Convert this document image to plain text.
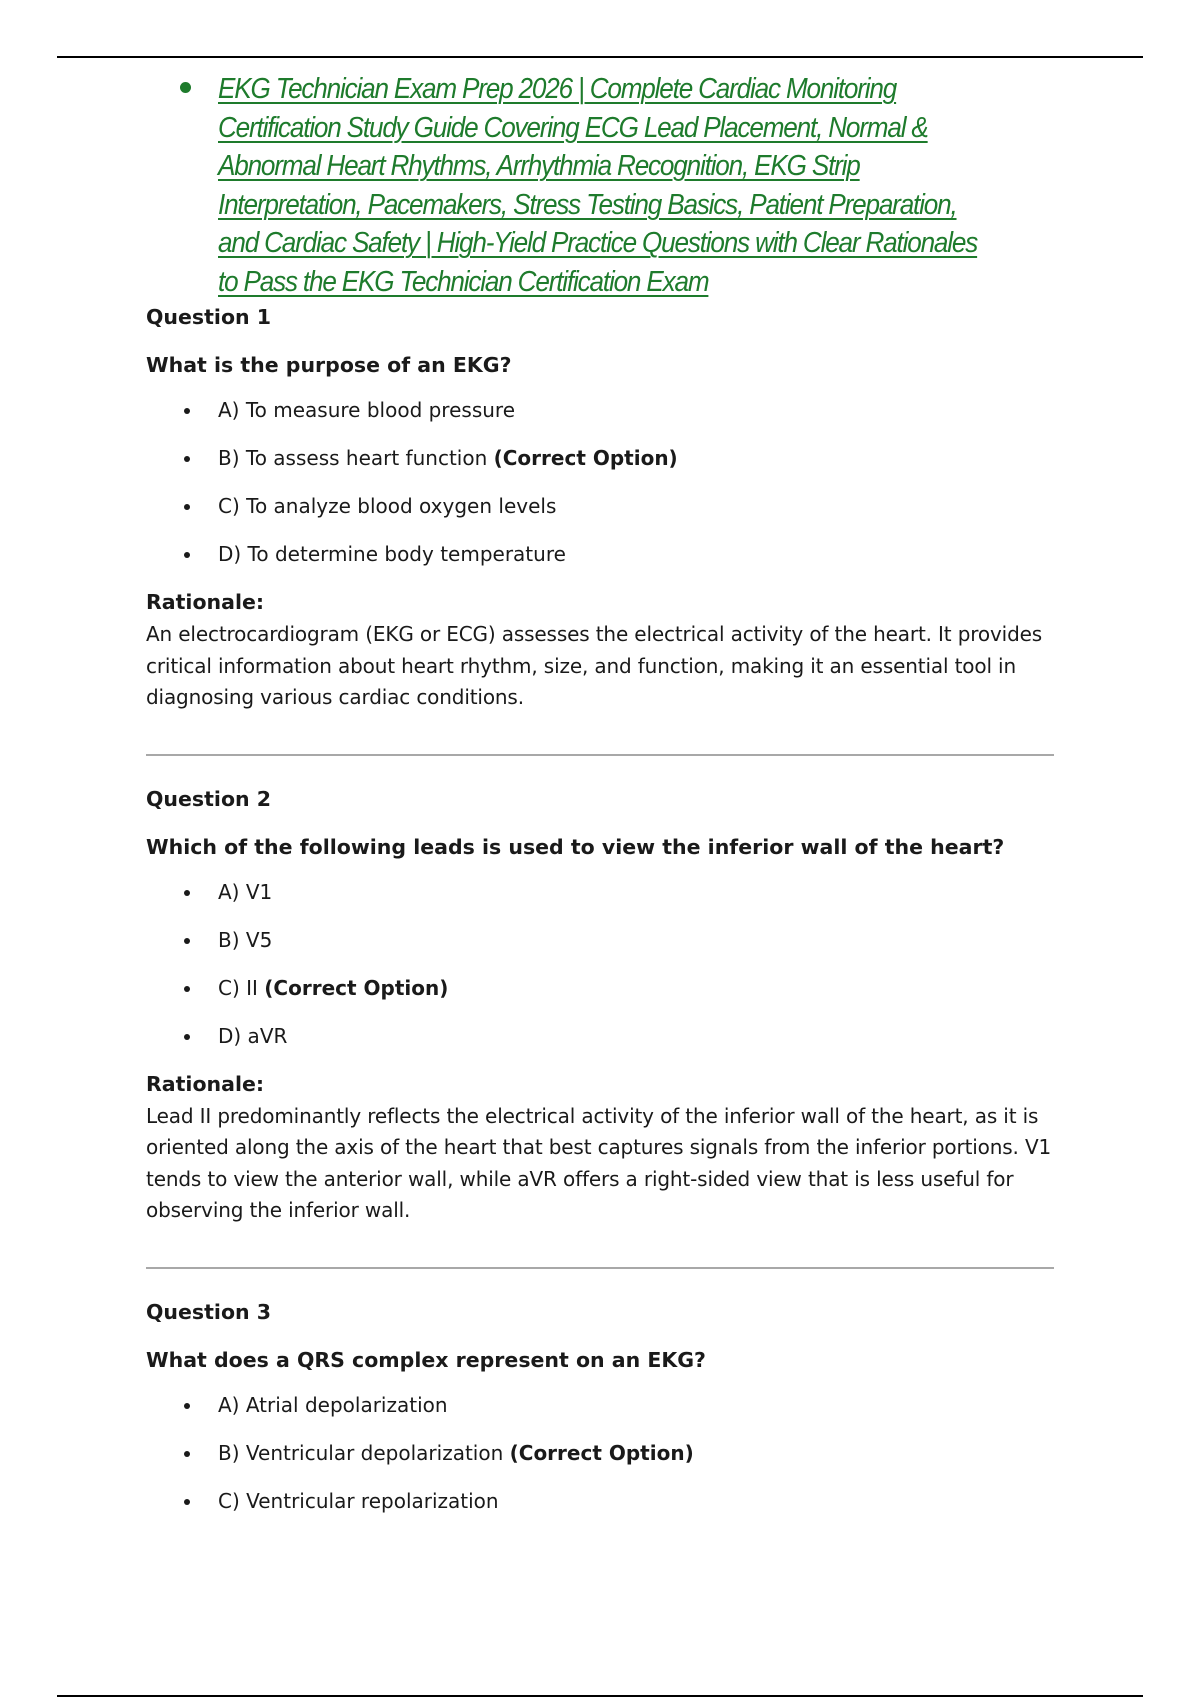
EKG Technician Exam Prep 2026 | Complete Cardiac Monitoring Certification Study Guide Covering ECG Lead Placement, Normal & Abnormal Heart Rhythms, Arrhythmia Recognition, EKG Strip Interpretation, Pacemakers, Stress Testing Basics, Patient Preparation, and Cardiac Safety | High-Yield Practice Questions with Clear Rationales to Pass the EKG Technician Certification Exam
Question 1
What is the purpose of an EKG?
A) To measure blood pressure
B) To assess heart function (Correct Option)
C) To analyze blood oxygen levels
D) To determine body temperature
Rationale:

An electrocardiogram (EKG or ECG) assesses the electrical activity of the heart. It provides critical information about heart rhythm, size, and function, making it an essential tool in diagnosing various cardiac conditions.

Question 2
Which of the following leads is used to view the inferior wall of the heart?
A) V1
B) V5
C) II (Correct Option)
D) aVR
Rationale:

Lead II predominantly reflects the electrical activity of the inferior wall of the heart, as it is oriented along the axis of the heart that best captures signals from the inferior portions. V1 tends to view the anterior wall, while aVR offers a right-sided view that is less useful for observing the inferior wall.

Question 3
What does a QRS complex represent on an EKG?
A) Atrial depolarization
B) Ventricular depolarization (Correct Option)
C) Ventricular repolarization
